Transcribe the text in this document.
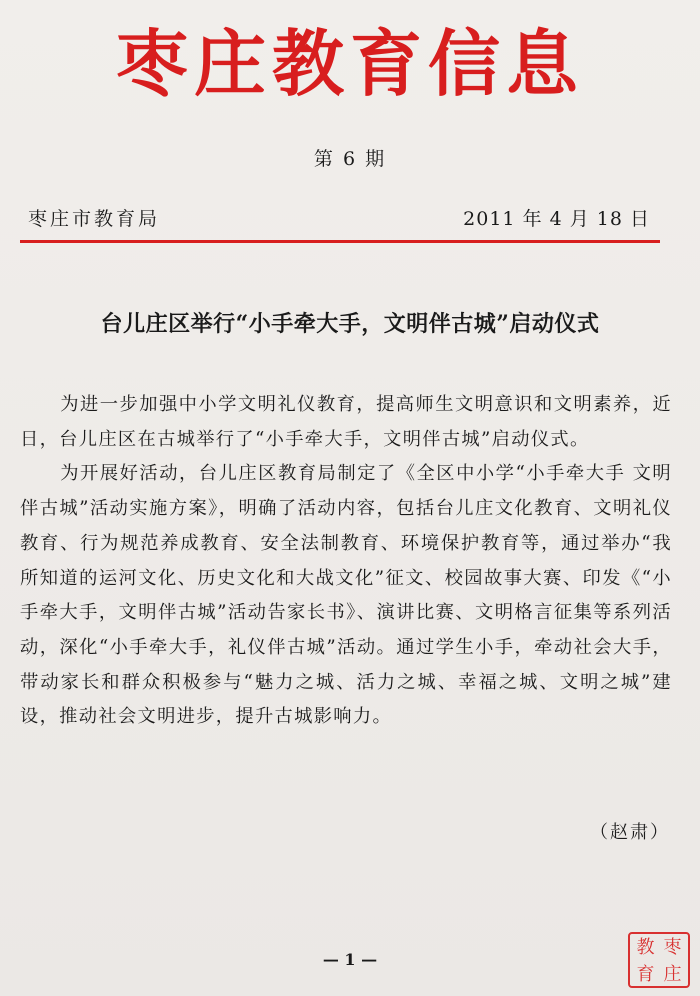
枣庄教育信息
第 6 期
枣庄市教育局	2011 年 4 月 18 日
台儿庄区举行“小手牵大手，文明伴古城”启动仪式

为进一步加强中小学文明礼仪教育，提高师生文明意识和文明素养，近日，台儿庄区在古城举行了“小手牵大手，文明伴古城”启动仪式。

为开展好活动，台儿庄区教育局制定了《全区中小学“小手牵大手 文明伴古城”活动实施方案》，明确了活动内容，包括台儿庄文化教育、文明礼仪教育、行为规范养成教育、安全法制教育、环境保护教育等，通过举办“我所知道的运河文化、历史文化和大战文化”征文、校园故事大赛、印发《“小手牵大手，文明伴古城”活动告家长书》、演讲比赛、文明格言征集等系列活动，深化“小手牵大手，礼仪伴古城”活动。通过学生小手，牵动社会大手，带动家长和群众积极参与“魅力之城、活力之城、幸福之城、文明之城”建设，推动社会文明进步，提升古城影响力。

（赵肃）
— 1 —
教 枣
育 庄
